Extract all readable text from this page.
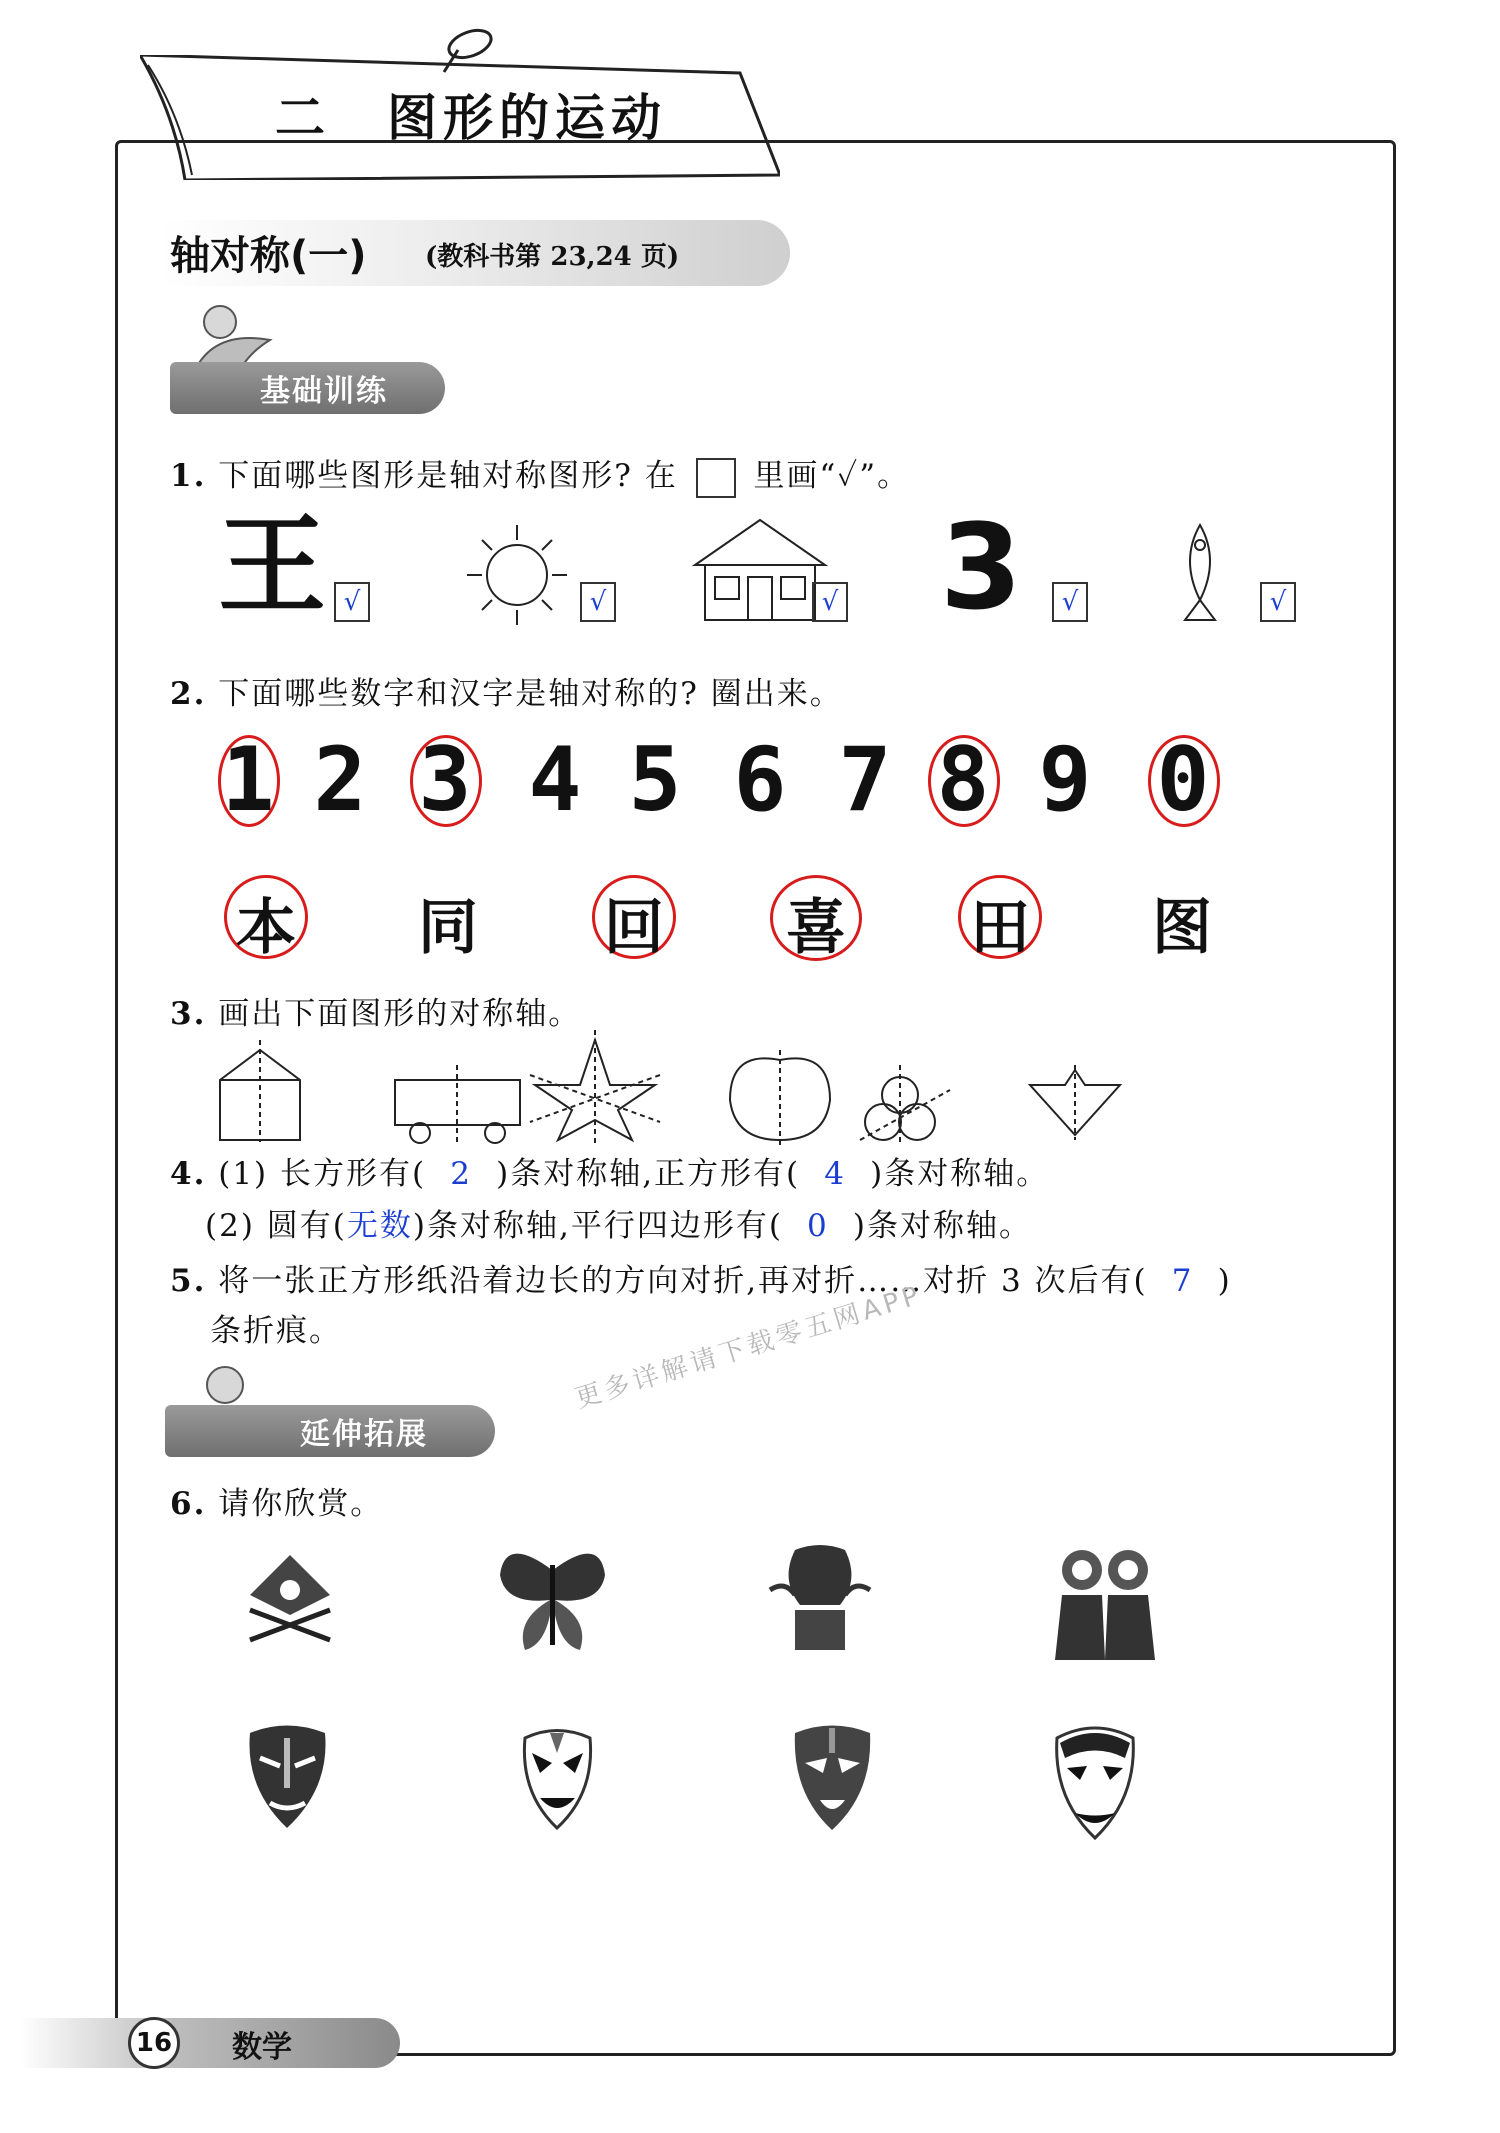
二　图形的运动
轴对称(一) (教科书第 23,24 页)
基础训练
1. 下面哪些图形是轴对称图形? 在 里画“✓”。
王 √	√	√ 3	√	√
2. 下面哪些数字和汉字是轴对称的? 圈出来。
1 2 3 4 5 6 7 8 9 0
本 同 回 喜 田 图
3. 画出下面图形的对称轴。
4. (1) 长方形有( 2 )条对称轴,正方形有( 4 )条对称轴。
(2) 圆有(无数)条对称轴,平行四边形有( 0 )条对称轴。
5. 将一张正方形纸沿着边长的方向对折,再对折……对折 3 次后有( 7 )
条折痕。
延伸拓展
更多详解请下载零五网APP
6. 请你欣赏。
16 数学
